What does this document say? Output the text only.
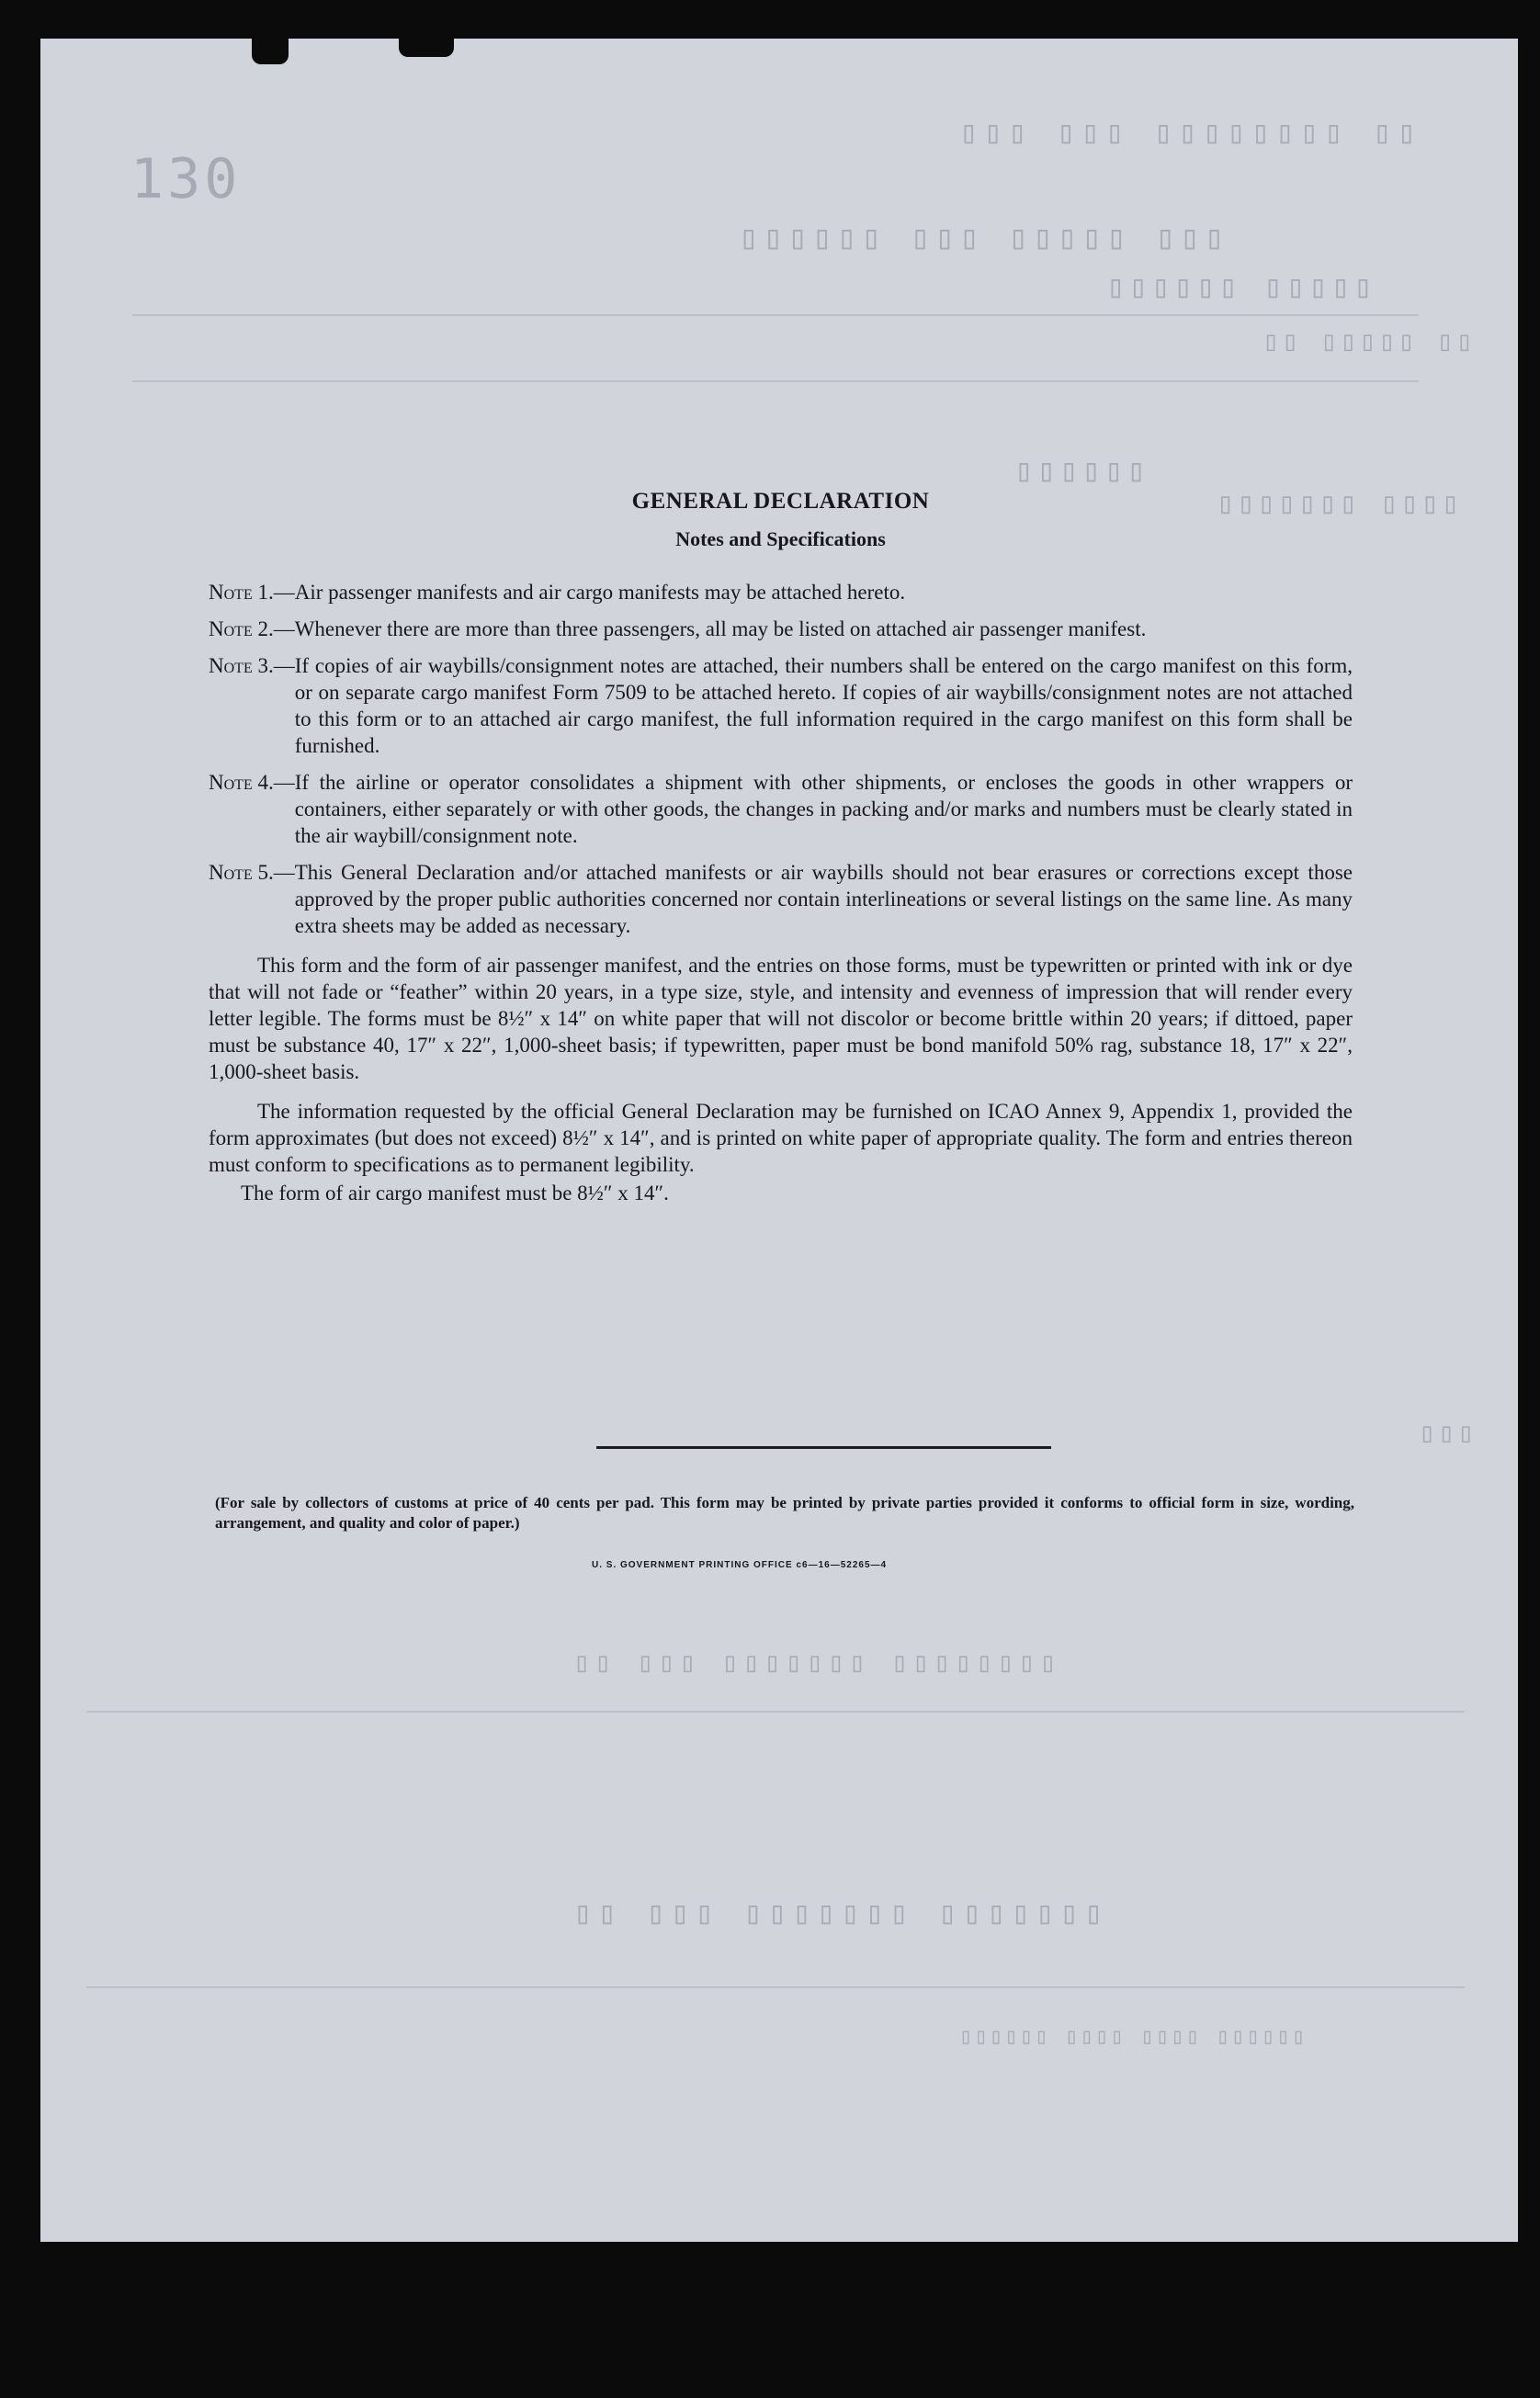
130
▯▯▯ ▯▯▯ ▯▯▯▯▯▯▯▯ ▯▯
▯▯▯▯▯▯ ▯▯▯ ▯▯▯▯▯ ▯▯▯
▯▯▯▯▯▯ ▯▯▯▯▯
▯▯ ▯▯▯▯▯ ▯▯
▯▯▯▯▯▯
▯▯▯▯▯▯▯ ▯▯▯▯
▯▯ ▯▯▯ ▯▯▯▯▯▯▯ ▯▯▯▯▯▯▯▯
▯▯ ▯▯▯ ▯▯▯▯▯▯▯ ▯▯▯▯▯▯▯
▯▯▯
▯▯▯▯▯▯ ▯▯▯▯ ▯▯▯▯ ▯▯▯▯▯▯
GENERAL DECLARATION
Notes and Specifications
Note 1.— Air passenger manifests and air cargo manifests may be attached hereto.
Note 2.— Whenever there are more than three passengers, all may be listed on attached air passenger manifest.
Note 3.— If copies of air waybills/consignment notes are attached, their numbers shall be entered on the cargo manifest on this form, or on separate cargo manifest Form 7509 to be attached hereto. If copies of air waybills/consignment notes are not attached to this form or to an attached air cargo manifest, the full information required in the cargo manifest on this form shall be furnished.
Note 4.— If the airline or operator consolidates a shipment with other shipments, or encloses the goods in other wrappers or containers, either separately or with other goods, the changes in packing and/or marks and numbers must be clearly stated in the air waybill/consignment note.
Note 5.— This General Declaration and/or attached manifests or air waybills should not bear erasures or corrections except those approved by the proper public authorities concerned nor contain interlineations or several listings on the same line. As many extra sheets may be added as necessary.

This form and the form of air passenger manifest, and the entries on those forms, must be typewritten or printed with ink or dye that will not fade or “feather” within 20 years, in a type size, style, and intensity and evenness of impression that will render every letter legible. The forms must be 8½″ x 14″ on white paper that will not discolor or become brittle within 20 years; if dittoed, paper must be substance 40, 17″ x 22″, 1,000-sheet basis; if typewritten, paper must be bond manifold 50% rag, substance 18, 17″ x 22″, 1,000-sheet basis.

The information requested by the official General Declaration may be furnished on ICAO Annex 9, Appendix 1, provided the form approximates (but does not exceed) 8½″ x 14″, and is printed on white paper of appropriate quality. The form and entries thereon must conform to specifications as to permanent legibility.

The form of air cargo manifest must be 8½″ x 14″.

(For sale by collectors of customs at price of 40 cents per pad. This form may be printed by private parties provided it conforms to official form in size, wording, arrangement, and quality and color of paper.)
U. S. GOVERNMENT PRINTING OFFICE c6—16—52265—4
